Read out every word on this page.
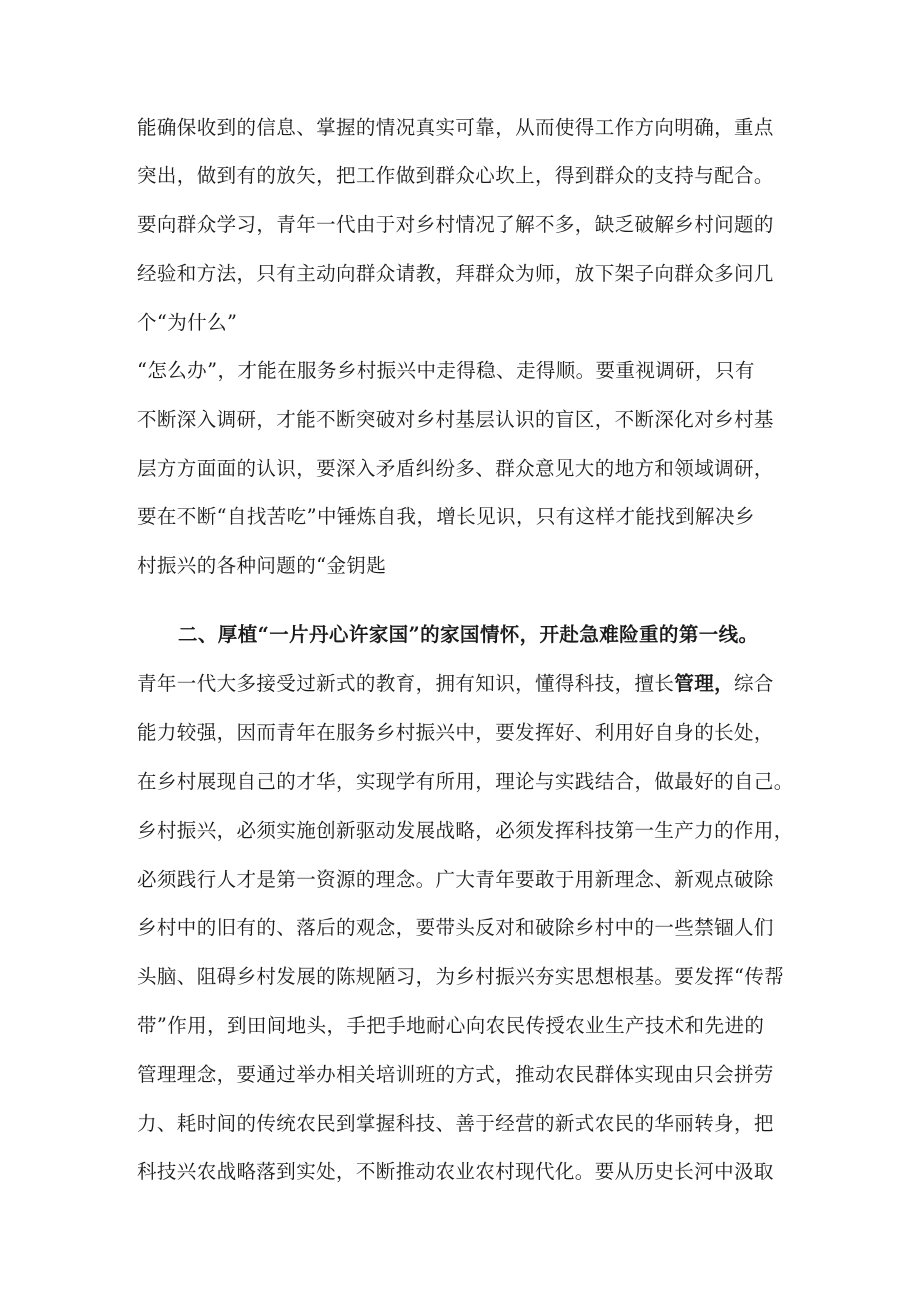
能确保收到的信息、掌握的情况真实可靠，从而使得工作方向明确，重点
突出，做到有的放矢，把工作做到群众心坎上，得到群众的支持与配合。
要向群众学习，青年一代由于对乡村情况了解不多，缺乏破解乡村问题的
经验和方法，只有主动向群众请教，拜群众为师，放下架子向群众多问几
个“为什么”
“怎么办”，才能在服务乡村振兴中走得稳、走得顺。要重视调研，只有
不断深入调研，才能不断突破对乡村基层认识的盲区，不断深化对乡村基
层方方面面的认识，要深入矛盾纠纷多、群众意见大的地方和领域调研，
要在不断“自找苦吃”中锤炼自我，增长见识，只有这样才能找到解决乡
村振兴的各种问题的“金钥匙
二、厚植“一片丹心许家国”的家国情怀，开赴急难险重的第一线。
青年一代大多接受过新式的教育，拥有知识，懂得科技，擅长管理，综合
能力较强，因而青年在服务乡村振兴中，要发挥好、利用好自身的长处，
在乡村展现自己的才华，实现学有所用，理论与实践结合，做最好的自己。
乡村振兴，必须实施创新驱动发展战略，必须发挥科技第一生产力的作用，
必须践行人才是第一资源的理念。广大青年要敢于用新理念、新观点破除
乡村中的旧有的、落后的观念，要带头反对和破除乡村中的一些禁锢人们
头脑、阻碍乡村发展的陈规陋习，为乡村振兴夯实思想根基。要发挥“传帮
带”作用，到田间地头，手把手地耐心向农民传授农业生产技术和先进的
管理理念，要通过举办相关培训班的方式，推动农民群体实现由只会拼劳
力、耗时间的传统农民到掌握科技、善于经营的新式农民的华丽转身，把
科技兴农战略落到实处，不断推动农业农村现代化。要从历史长河中汲取
